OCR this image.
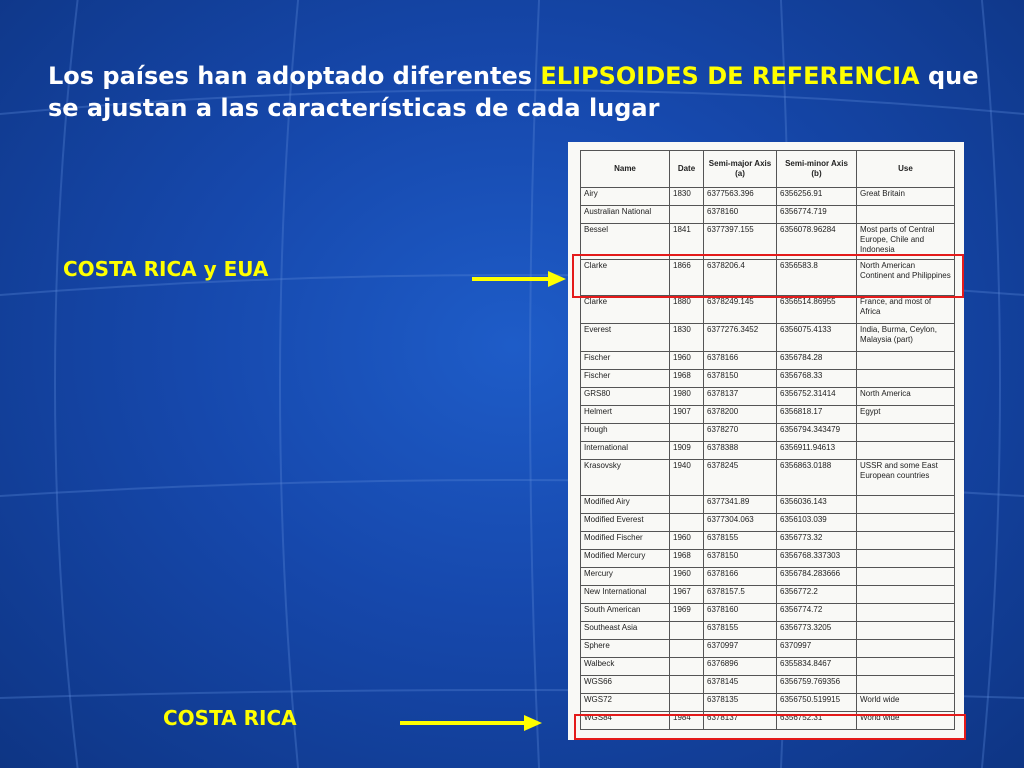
Los países han adoptado diferentes ELIPSOIDES DE REFERENCIA que se ajustan a las características de cada lugar
COSTA RICA y EUA
COSTA RICA
Name	Date	Semi-major Axis (a)	Semi-minor Axis (b)	Use
Airy	1830	6377563.396	6356256.91	Great Britain
Australian National		6378160	6356774.719	
Bessel	1841	6377397.155	6356078.96284	Most parts of Central Europe, Chile and Indonesia
Clarke	1866	6378206.4	6356583.8	North American Continent and Philippines
Clarke	1880	6378249.145	6356514.86955	France, and most of Africa
Everest	1830	6377276.3452	6356075.4133	India, Burma, Ceylon, Malaysia (part)
Fischer	1960	6378166	6356784.28	
Fischer	1968	6378150	6356768.33	
GRS80	1980	6378137	6356752.31414	North America
Helmert	1907	6378200	6356818.17	Egypt
Hough		6378270	6356794.343479	
International	1909	6378388	6356911.94613	
Krasovsky	1940	6378245	6356863.0188	USSR and some East European countries
Modified Airy		6377341.89	6356036.143	
Modified Everest		6377304.063	6356103.039	
Modified Fischer	1960	6378155	6356773.32	
Modified Mercury	1968	6378150	6356768.337303	
Mercury	1960	6378166	6356784.283666	
New International	1967	6378157.5	6356772.2	
South American	1969	6378160	6356774.72	
Southeast Asia		6378155	6356773.3205	
Sphere		6370997	6370997	
Walbeck		6376896	6355834.8467	
WGS66		6378145	6356759.769356	
WGS72		6378135	6356750.519915	World wide
WGS84	1984	6378137	6356752.31	World wide
